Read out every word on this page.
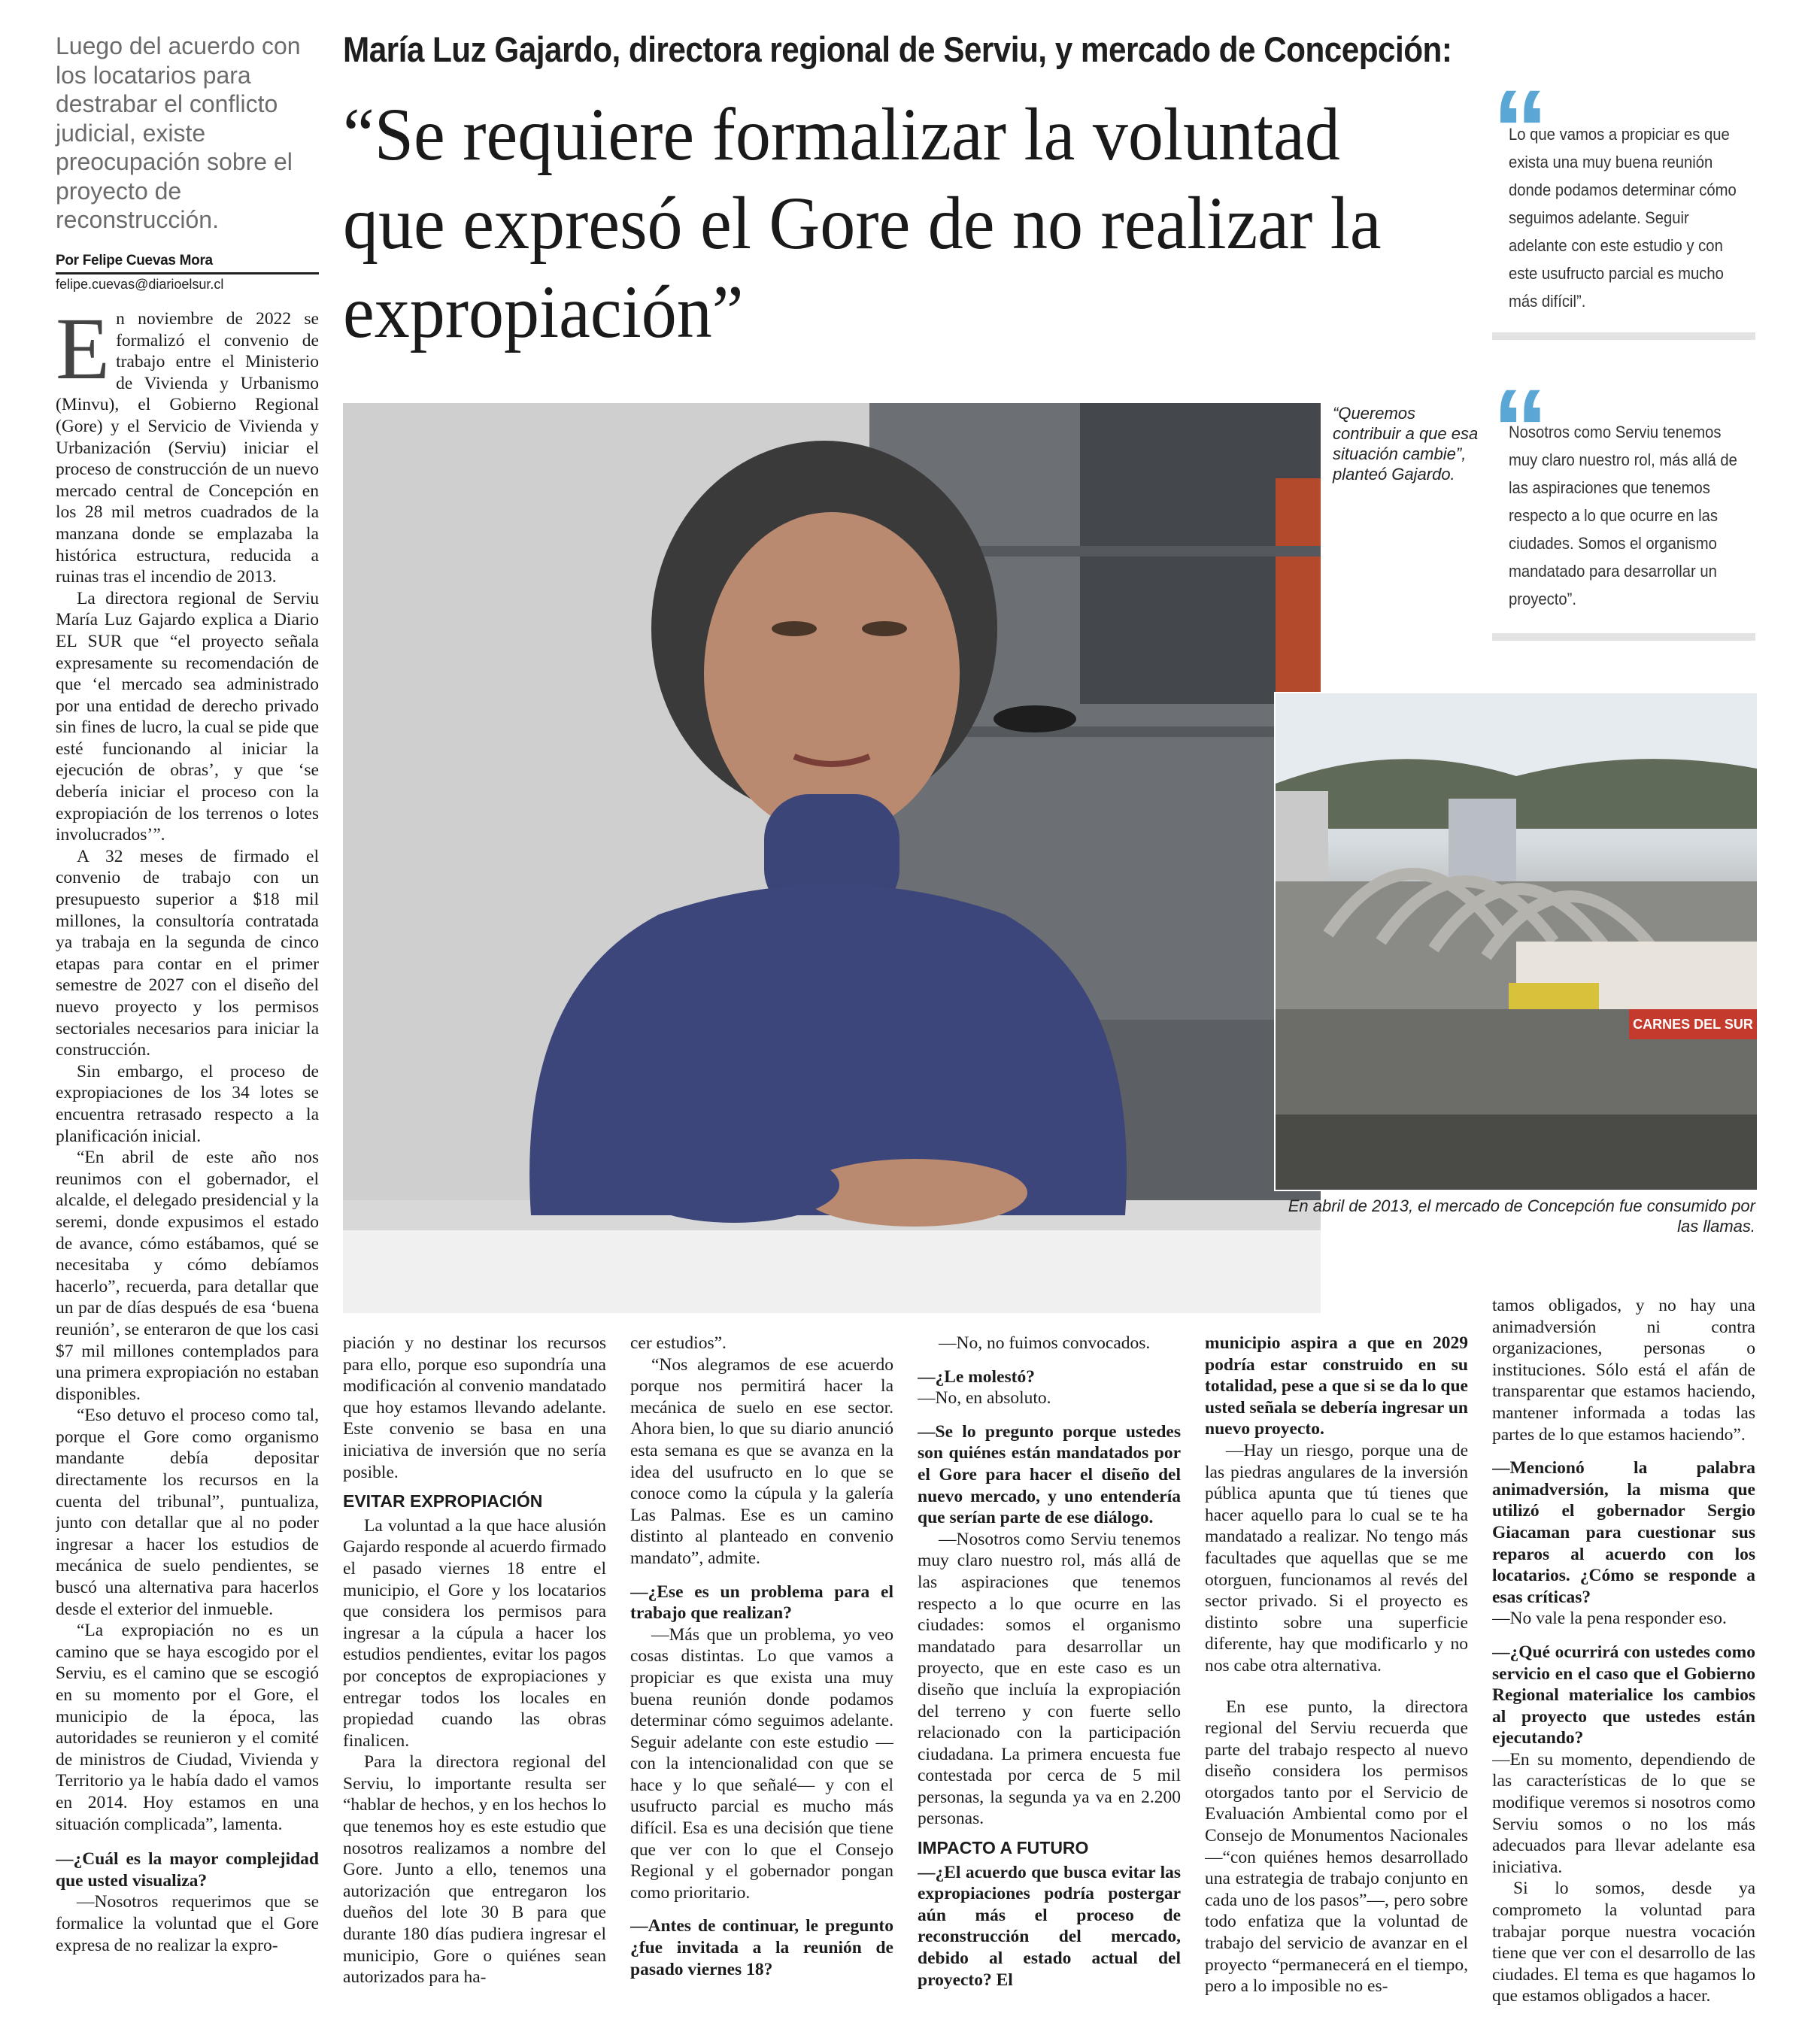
Luego del acuerdo con los locatarios para destrabar el conflicto judicial, existe preocupación sobre el proyecto de reconstrucción.
Por Felipe Cuevas Mora
felipe.cuevas@diarioelsur.cl
María Luz Gajardo, directora regional de Serviu, y mercado de Concepción:
“Se requiere formalizar la voluntad que expresó el Gore de no realizar la expropiación”

En noviembre de 2022 se formalizó el convenio de trabajo entre el Ministerio de Vivienda y Urbanismo (Minvu), el Gobierno Regional (Gore) y el Servicio de Vivienda y Urbanización (Serviu) iniciar el proceso de construcción de un nuevo mercado central de Concepción en los 28 mil metros cuadrados de la manzana donde se emplazaba la histórica estructura, reducida a ruinas tras el incendio de 2013.

La directora regional de Serviu María Luz Gajardo explica a Diario EL SUR que “el proyecto señala expresamente su recomendación de que ‘el mercado sea administrado por una entidad de derecho privado sin fines de lucro, la cual se pide que esté funcionando al iniciar la ejecución de obras’, y que ‘se debería iniciar el proceso con la expropiación de los terrenos o lotes involucrados’”.

A 32 meses de firmado el convenio de trabajo con un presupuesto superior a $18 mil millones, la consultoría contratada ya trabaja en la segunda de cinco etapas para contar en el primer semestre de 2027 con el diseño del nuevo proyecto y los permisos sectoriales necesarios para iniciar la construcción.

Sin embargo, el proceso de expropiaciones de los 34 lotes se encuentra retrasado respecto a la planificación inicial.

“En abril de este año nos reunimos con el gobernador, el alcalde, el delegado presidencial y la seremi, donde expusimos el estado de avance, cómo estábamos, qué se necesitaba y cómo debíamos hacerlo”, recuerda, para detallar que un par de días después de esa ‘buena reunión’, se enteraron de que los casi $7 mil millones contemplados para una primera expropiación no estaban disponibles.

“Eso detuvo el proceso como tal, porque el Gore como organismo mandante debía depositar directamente los recursos en la cuenta del tribunal”, puntualiza, junto con detallar que al no poder ingresar a hacer los estudios de mecánica de suelo pendientes, se buscó una alternativa para hacerlos desde el exterior del inmueble.

“La expropiación no es un camino que se haya escogido por el Serviu, es el camino que se escogió en su momento por el Gore, el municipio de la época, las autoridades se reunieron y el comité de ministros de Ciudad, Vivienda y Territorio ya le había dado el vamos en 2014. Hoy estamos en una situación complicada”, lamenta.

—¿Cuál es la mayor complejidad que usted visualiza?

—Nosotros requerimos que se formalice la voluntad que el Gore expresa de no realizar la expro-

“Queremos contribuir a que esa situación cambie”, planteó Gajardo.
CARNES DEL SUR
En abril de 2013, el mercado de Concepción fue consumido por las llamas.
“
Lo que vamos a propiciar es que exista una muy buena reunión donde podamos determinar cómo seguimos adelante. Seguir adelante con este estudio y con este usufructo parcial es mucho más difícil”.
“
Nosotros como Serviu tenemos muy claro nuestro rol, más allá de las aspiraciones que tenemos respecto a lo que ocurre en las ciudades. Somos el organismo mandatado para desarrollar un proyecto”.

piación y no destinar los recursos para ello, porque eso supondría una modificación al convenio mandatado que hoy estamos llevando adelante. Este convenio se basa en una iniciativa de inversión que no sería posible.

EVITAR EXPROPIACIÓN

La voluntad a la que hace alusión Gajardo responde al acuerdo firmado el pasado viernes 18 entre el municipio, el Gore y los locatarios que considera los permisos para ingresar a la cúpula a hacer los estudios pendientes, evitar los pagos por conceptos de expropiaciones y entregar todos los locales en propiedad cuando las obras finalicen.

Para la directora regional del Serviu, lo importante resulta ser “hablar de hechos, y en los hechos lo que tenemos hoy es este estudio que nosotros realizamos a nombre del Gore. Junto a ello, tenemos una autorización que entregaron los dueños del lote 30 B para que durante 180 días pudiera ingresar el municipio, Gore o quiénes sean autorizados para ha-

cer estudios”.

“Nos alegramos de ese acuerdo porque nos permitirá hacer la mecánica de suelo en ese sector. Ahora bien, lo que su diario anunció esta semana es que se avanza en la idea del usufructo en lo que se conoce como la cúpula y la galería Las Palmas. Ese es un camino distinto al planteado en convenio mandato”, admite.

—¿Ese es un problema para el trabajo que realizan?

—Más que un problema, yo veo cosas distintas. Lo que vamos a propiciar es que exista una muy buena reunión donde podamos determinar cómo seguimos adelante. Seguir adelante con este estudio —con la intencionalidad con que se hace y lo que señalé— y con el usufructo parcial es mucho más difícil. Esa es una decisión que tiene que ver con lo que el Consejo Regional y el gobernador pongan como prioritario.

—Antes de continuar, le pregunto ¿fue invitada a la reunión de pasado viernes 18?

—No, no fuimos convocados.

—¿Le molestó?

—No, en absoluto.

—Se lo pregunto porque ustedes son quiénes están mandatados por el Gore para hacer el diseño del nuevo mercado, y uno entendería que serían parte de ese diálogo.

—Nosotros como Serviu tenemos muy claro nuestro rol, más allá de las aspiraciones que tenemos respecto a lo que ocurre en las ciudades: somos el organismo mandatado para desarrollar un proyecto, que en este caso es un diseño que incluía la expropiación del terreno y con fuerte sello relacionado con la participación ciudadana. La primera encuesta fue contestada por cerca de 5 mil personas, la segunda ya va en 2.200 personas.

IMPACTO A FUTURO

—¿El acuerdo que busca evitar las expropiaciones podría postergar aún más el proceso de reconstrucción del mercado, debido al estado actual del proyecto? El

municipio aspira a que en 2029 podría estar construido en su totalidad, pese a que si se da lo que usted señala se debería ingresar un nuevo proyecto.

—Hay un riesgo, porque una de las piedras angulares de la inversión pública apunta que tú tienes que hacer aquello para lo cual se te ha mandatado a realizar. No tengo más facultades que aquellas que se me otorguen, funcionamos al revés del sector privado. Si el proyecto es distinto sobre una superficie diferente, hay que modificarlo y no nos cabe otra alternativa.

En ese punto, la directora regional del Serviu recuerda que parte del trabajo respecto al nuevo diseño considera los permisos otorgados tanto por el Servicio de Evaluación Ambiental como por el Consejo de Monumentos Nacionales —“con quiénes hemos desarrollado una estrategia de trabajo conjunto en cada uno de los pasos”—, pero sobre todo enfatiza que la voluntad de trabajo del servicio de avanzar en el proyecto “permanecerá en el tiempo, pero a lo imposible no es-

tamos obligados, y no hay una animadversión ni contra organizaciones, personas o instituciones. Sólo está el afán de transparentar que estamos haciendo, mantener informada a todas las partes de lo que estamos haciendo”.

—Mencionó la palabra animadversión, la misma que utilizó el gobernador Sergio Giacaman para cuestionar sus reparos al acuerdo con los locatarios. ¿Cómo se responde a esas críticas?

—No vale la pena responder eso.

—¿Qué ocurrirá con ustedes como servicio en el caso que el Gobierno Regional materialice los cambios al proyecto que ustedes están ejecutando?

—En su momento, dependiendo de las características de lo que se modifique veremos si nosotros como Serviu somos o no los más adecuados para llevar adelante esa iniciativa.

Si lo somos, desde ya comprometo la voluntad para trabajar porque nuestra vocación tiene que ver con el desarrollo de las ciudades. El tema es que hagamos lo que estamos obligados a hacer.
